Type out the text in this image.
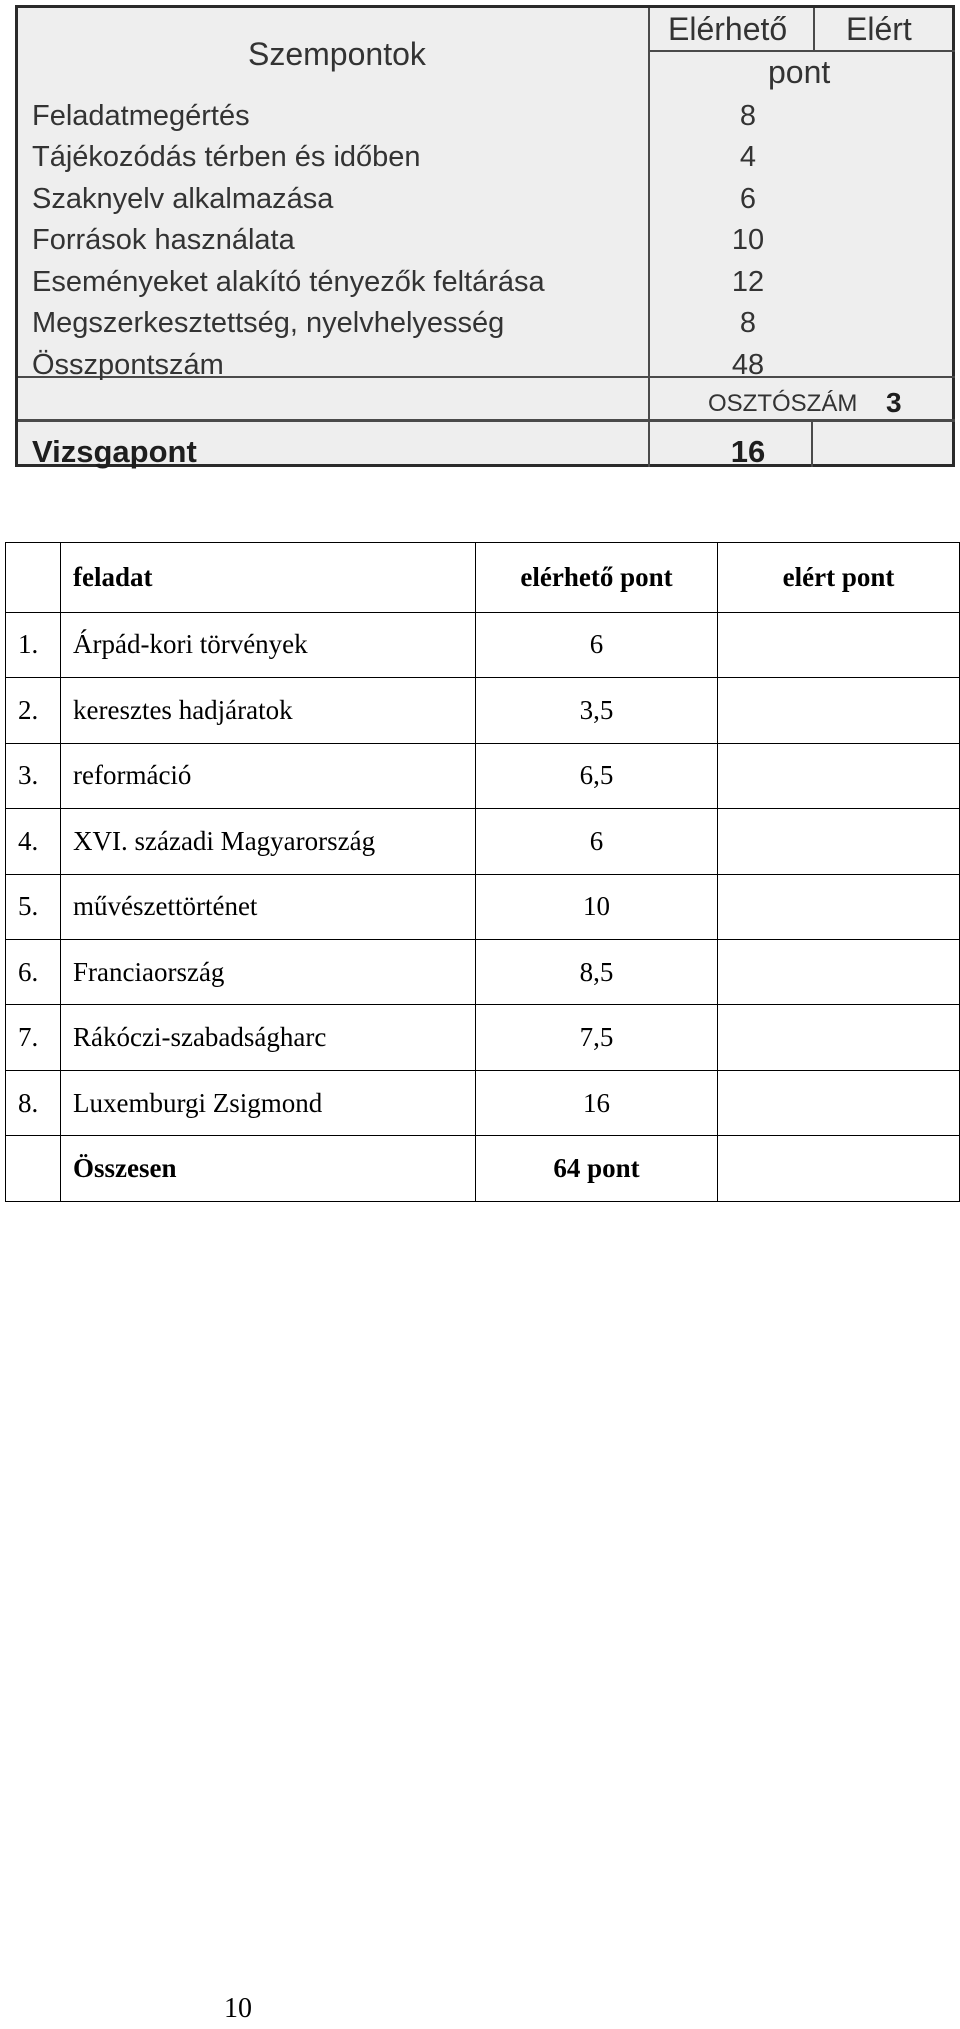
Szempontok
Elérhető Elért
pont
Feladatmegértés	8
Tájékozódás térben és időben	4
Szaknyelv alkalmazása	6
Források használata	10
Eseményeket alakító tényezők feltárása	12
Megszerkesztettség, nyelvhelyesség	8
Összpontszám	48
OSZTÓSZÁM 3
Vizsgapont	16
	feladat	elérhető pont	elért pont
1.	Árpád-kori törvények	6	
2.	keresztes hadjáratok	3,5	
3.	reformáció	6,5	
4.	XVI. századi Magyarország	6	
5.	művészettörténet	10	
6.	Franciaország	8,5	
7.	Rákóczi-szabadságharc	7,5	
8.	Luxemburgi Zsigmond	16	
	Összesen	64 pont	
10
